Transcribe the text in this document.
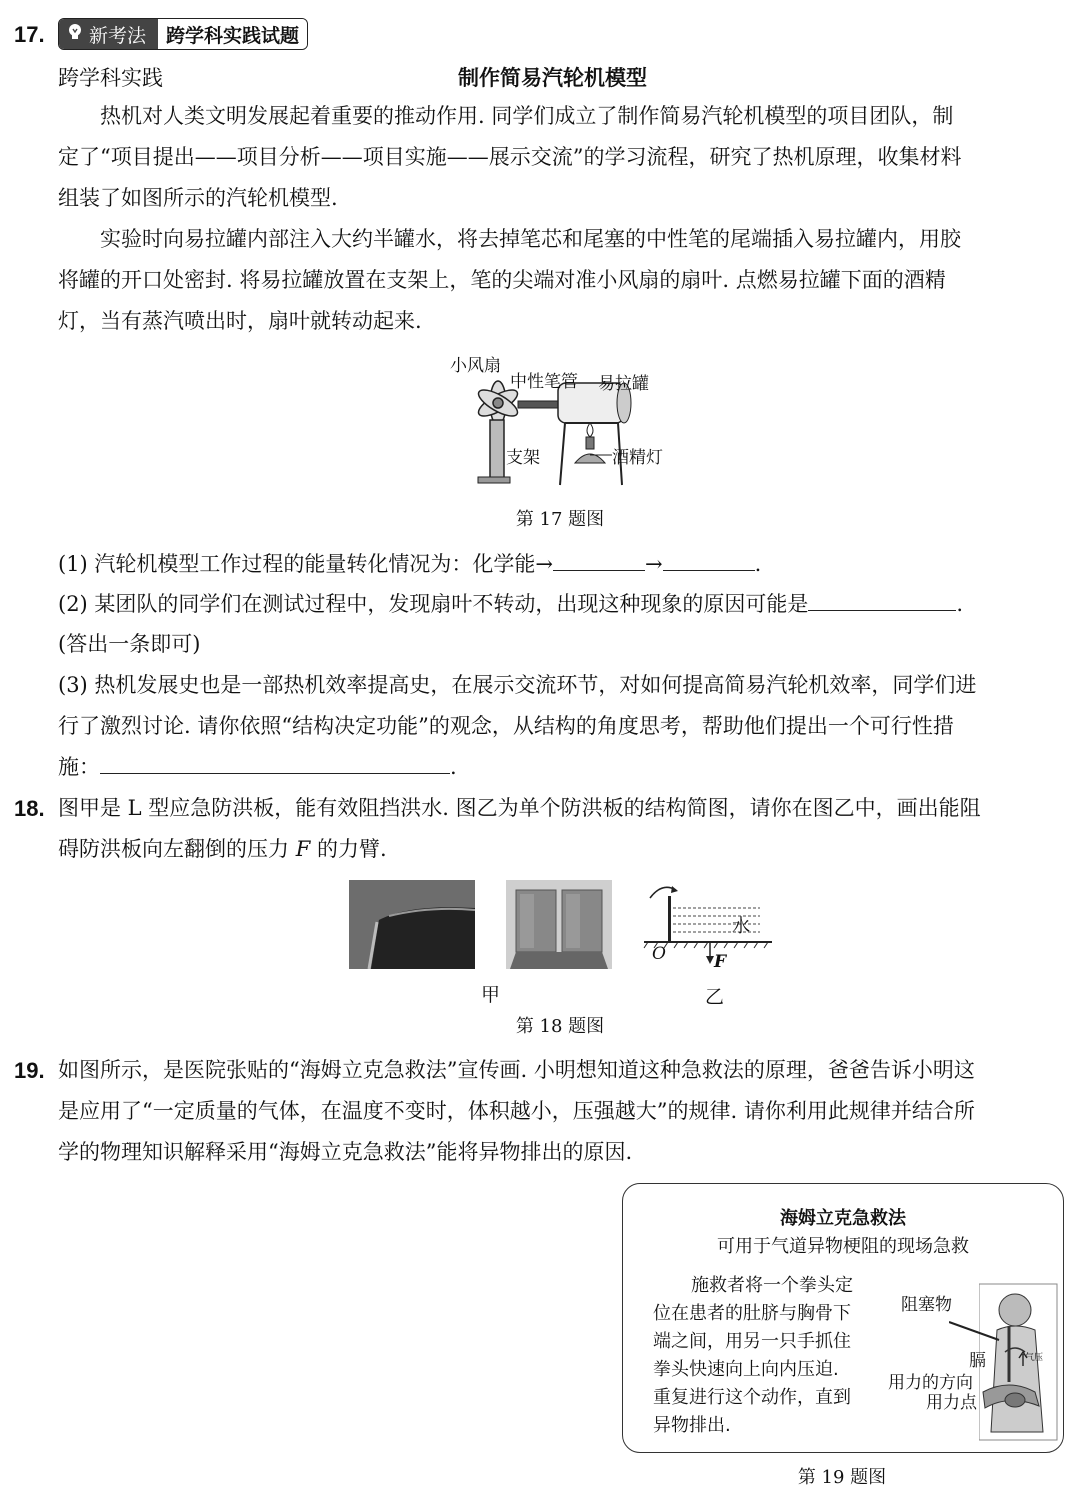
17. 新考法	跨学科实践试题
跨学科实践	制作简易汽轮机模型
热机对人类文明发展起着重要的推动作用. 同学们成立了制作简易汽轮机模型的项目团队，制
定了“项目提出——项目分析——项目实施——展示交流”的学习流程，研究了热机原理，收集材料
组装了如图所示的汽轮机模型.
实验时向易拉罐内部注入大约半罐水，将去掉笔芯和尾塞的中性笔的尾端插入易拉罐内，用胶
将罐的开口处密封. 将易拉罐放置在支架上，笔的尖端对准小风扇的扇叶. 点燃易拉罐下面的酒精
灯，当有蒸汽喷出时，扇叶就转动起来.
小风扇
中性笔管 易拉罐
支架	酒精灯
第 17 题图
(1) 汽轮机模型工作过程的能量转化情况为：化学能→	→	.
(2) 某团队的同学们在测试过程中，发现扇叶不转动，出现这种现象的原因可能是	.
(答出一条即可)
(3) 热机发展史也是一部热机效率提高史，在展示交流环节，对如何提高简易汽轮机效率，同学们进
行了激烈讨论. 请你依照“结构决定功能”的观念，从结构的角度思考，帮助他们提出一个可行性措
施：	.
18. 图甲是 L 型应急防洪板，能有效阻挡洪水. 图乙为单个防洪板的结构简图，请你在图乙中，画出能阻
碍防洪板向左翻倒的压力 F 的力臂.
水
O	F
甲	乙
第 18 题图
19. 如图所示，是医院张贴的“海姆立克急救法”宣传画. 小明想知道这种急救法的原理，爸爸告诉小明这
是应用了“一定质量的气体，在温度不变时，体积越小，压强越大”的规律. 请你利用此规律并结合所
学的物理知识解释采用“海姆立克急救法”能将异物排出的原因.
海姆立克急救法
可用于气道异物梗阻的现场急救
施救者将一个拳头定
位在患者的肚脐与胸骨下
端之间，用另一只手抓住
拳头快速向上向内压迫.
重复进行这个动作，直到
异物排出.
气压
阻塞物
膈
用力的方向
用力点
第 19 题图
